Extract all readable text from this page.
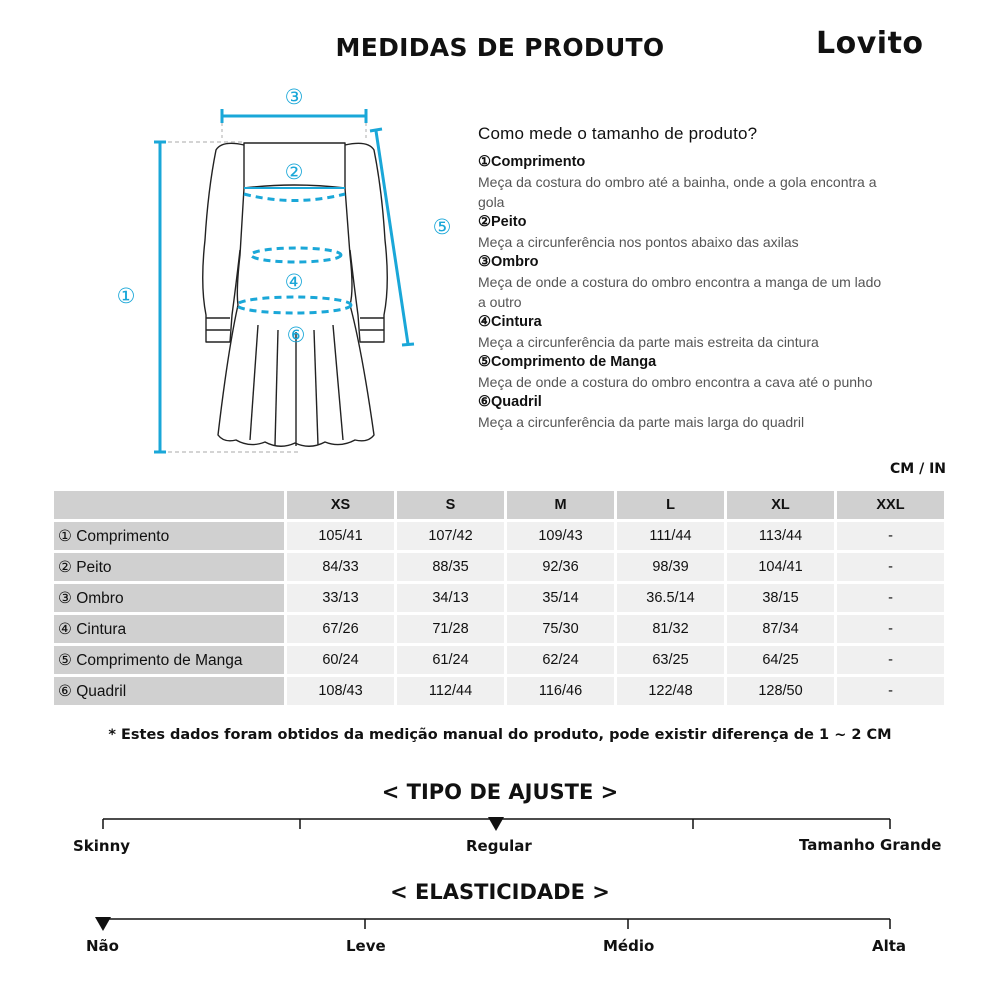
MEDIDAS DE PRODUTO	Lovito
①
②
③
④
⑤
⑥
Como mede o tamanho de produto?
①Comprimento
Meça da costura do ombro até a bainha, onde a gola encontra a
gola
②Peito
Meça a circunferência nos pontos abaixo das axilas
③Ombro
Meça de onde a costura do ombro encontra a manga de um lado
a outro
④Cintura
Meça a circunferência da parte mais estreita da cintura
⑤Comprimento de Manga
Meça de onde a costura do ombro encontra a cava até o punho
⑥Quadril
Meça a circunferência da parte mais larga do quadril
CM / IN
	XS	S	M	L	XL	XXL
① Comprimento	105/41	107/42	109/43	111/44	113/44	-
② Peito	84/33	88/35	92/36	98/39	104/41	-
③ Ombro	33/13	34/13	35/14	36.5/14	38/15	-
④ Cintura	67/26	71/28	75/30	81/32	87/34	-
⑤ Comprimento de Manga	60/24	61/24	62/24	63/25	64/25	-
⑥ Quadril	108/43	112/44	116/46	122/48	128/50	-
* Estes dados foram obtidos da medição manual do produto, pode existir diferença de 1 ~ 2 CM
< TIPO DE AJUSTE >
Skinny	Regular	Tamanho Grande
< ELASTICIDADE >
Não	Leve	Médio	Alta
